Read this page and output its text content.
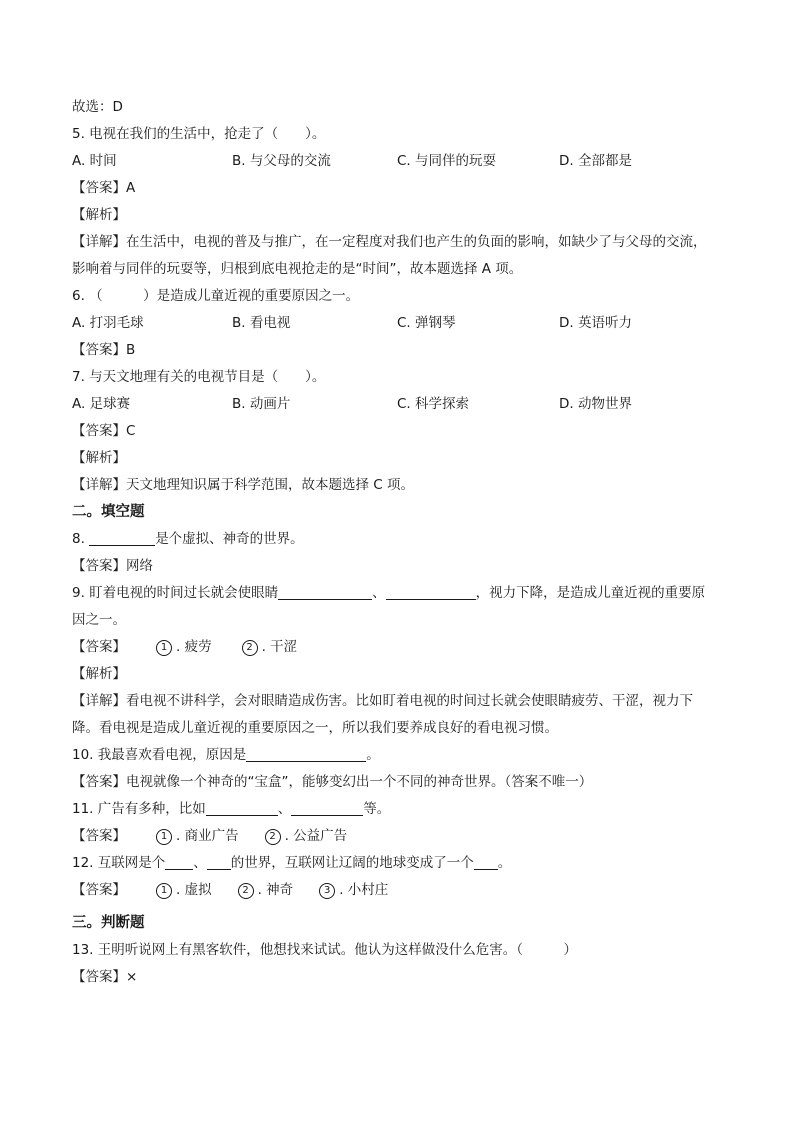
故选：D
5. 电视在我们的生活中，抢走了（　　）。
A. 时间	B. 与父母的交流	C. 与同伴的玩耍	D. 全部都是
【答案】A
【解析】
【详解】在生活中，电视的普及与推广，在一定程度对我们也产生的负面的影响，如缺少了与父母的交流，
影响着与同伴的玩耍等，归根到底电视抢走的是“时间”，故本题选择 A 项。
6. （　　　）是造成儿童近视的重要原因之一。
A. 打羽毛球	B. 看电视	C. 弹钢琴	D. 英语听力
【答案】B
7. 与天文地理有关的电视节目是（　　）。
A. 足球赛	B. 动画片	C. 科学探索	D. 动物世界
【答案】C
【解析】
【详解】天文地理知识属于科学范围，故本题选择 C 项。
二。填空题
8.	是个虚拟、神奇的世界。
【答案】网络
9. 盯着电视的时间过长就会使眼睛	、	，视力下降，是造成儿童近视的重要原
因之一。
【答案】	1 . 疲劳	2 . 干涩
【解析】
【详解】看电视不讲科学，会对眼睛造成伤害。比如盯着电视的时间过长就会使眼睛疲劳、干涩，视力下
降。看电视是造成儿童近视的重要原因之一，所以我们要养成良好的看电视习惯。
10. 我最喜欢看电视，原因是	。
【答案】电视就像一个神奇的“宝盒”，能够变幻出一个不同的神奇世界。（答案不唯一）
11. 广告有多种，比如	、	等。
【答案】	1 . 商业广告	2 . 公益广告
12. 互联网是个 、 的世界，互联网让辽阔的地球变成了一个 。
【答案】	1 . 虚拟	2 . 神奇	3 . 小村庄
三。判断题
13. 王明听说网上有黑客软件，他想找来试试。他认为这样做没什么危害。（　　　）
【答案】×
